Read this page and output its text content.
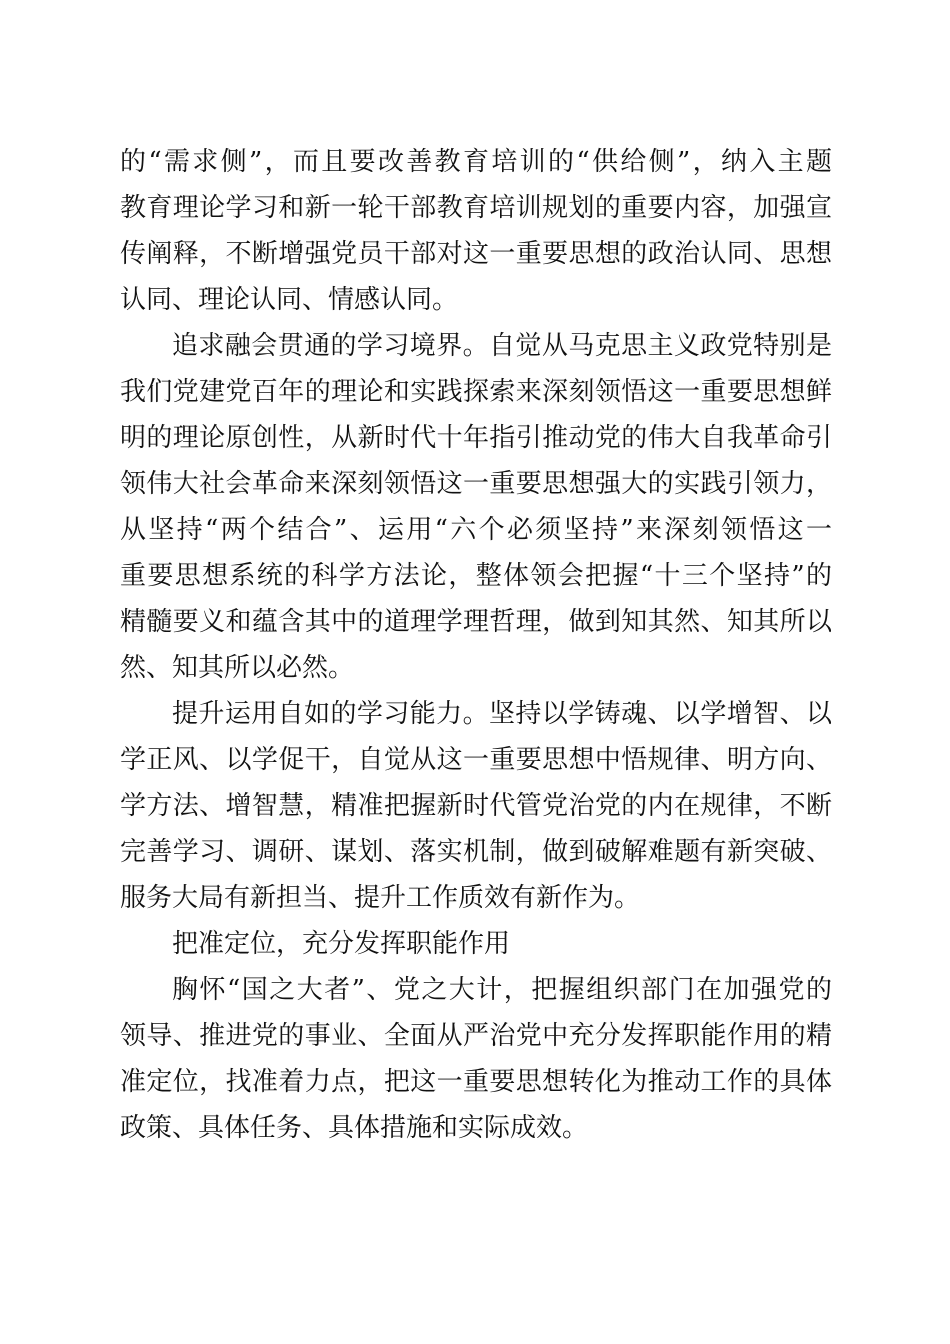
的“需求侧”，而且要改善教育培训的“供给侧”，纳入主题
教育理论学习和新一轮干部教育培训规划的重要内容，加强宣
传阐释，不断增强党员干部对这一重要思想的政治认同、思想
认同、理论认同、情感认同。
追求融会贯通的学习境界。自觉从马克思主义政党特别是
我们党建党百年的理论和实践探索来深刻领悟这一重要思想鲜
明的理论原创性，从新时代十年指引推动党的伟大自我革命引
领伟大社会革命来深刻领悟这一重要思想强大的实践引领力，
从坚持“两个结合”、运用“六个必须坚持”来深刻领悟这一
重要思想系统的科学方法论，整体领会把握“十三个坚持”的
精髓要义和蕴含其中的道理学理哲理，做到知其然、知其所以
然、知其所以必然。
提升运用自如的学习能力。坚持以学铸魂、以学增智、以
学正风、以学促干，自觉从这一重要思想中悟规律、明方向、
学方法、增智慧，精准把握新时代管党治党的内在规律，不断
完善学习、调研、谋划、落实机制，做到破解难题有新突破、
服务大局有新担当、提升工作质效有新作为。
把准定位，充分发挥职能作用
胸怀“国之大者”、党之大计，把握组织部门在加强党的
领导、推进党的事业、全面从严治党中充分发挥职能作用的精
准定位，找准着力点，把这一重要思想转化为推动工作的具体
政策、具体任务、具体措施和实际成效。
